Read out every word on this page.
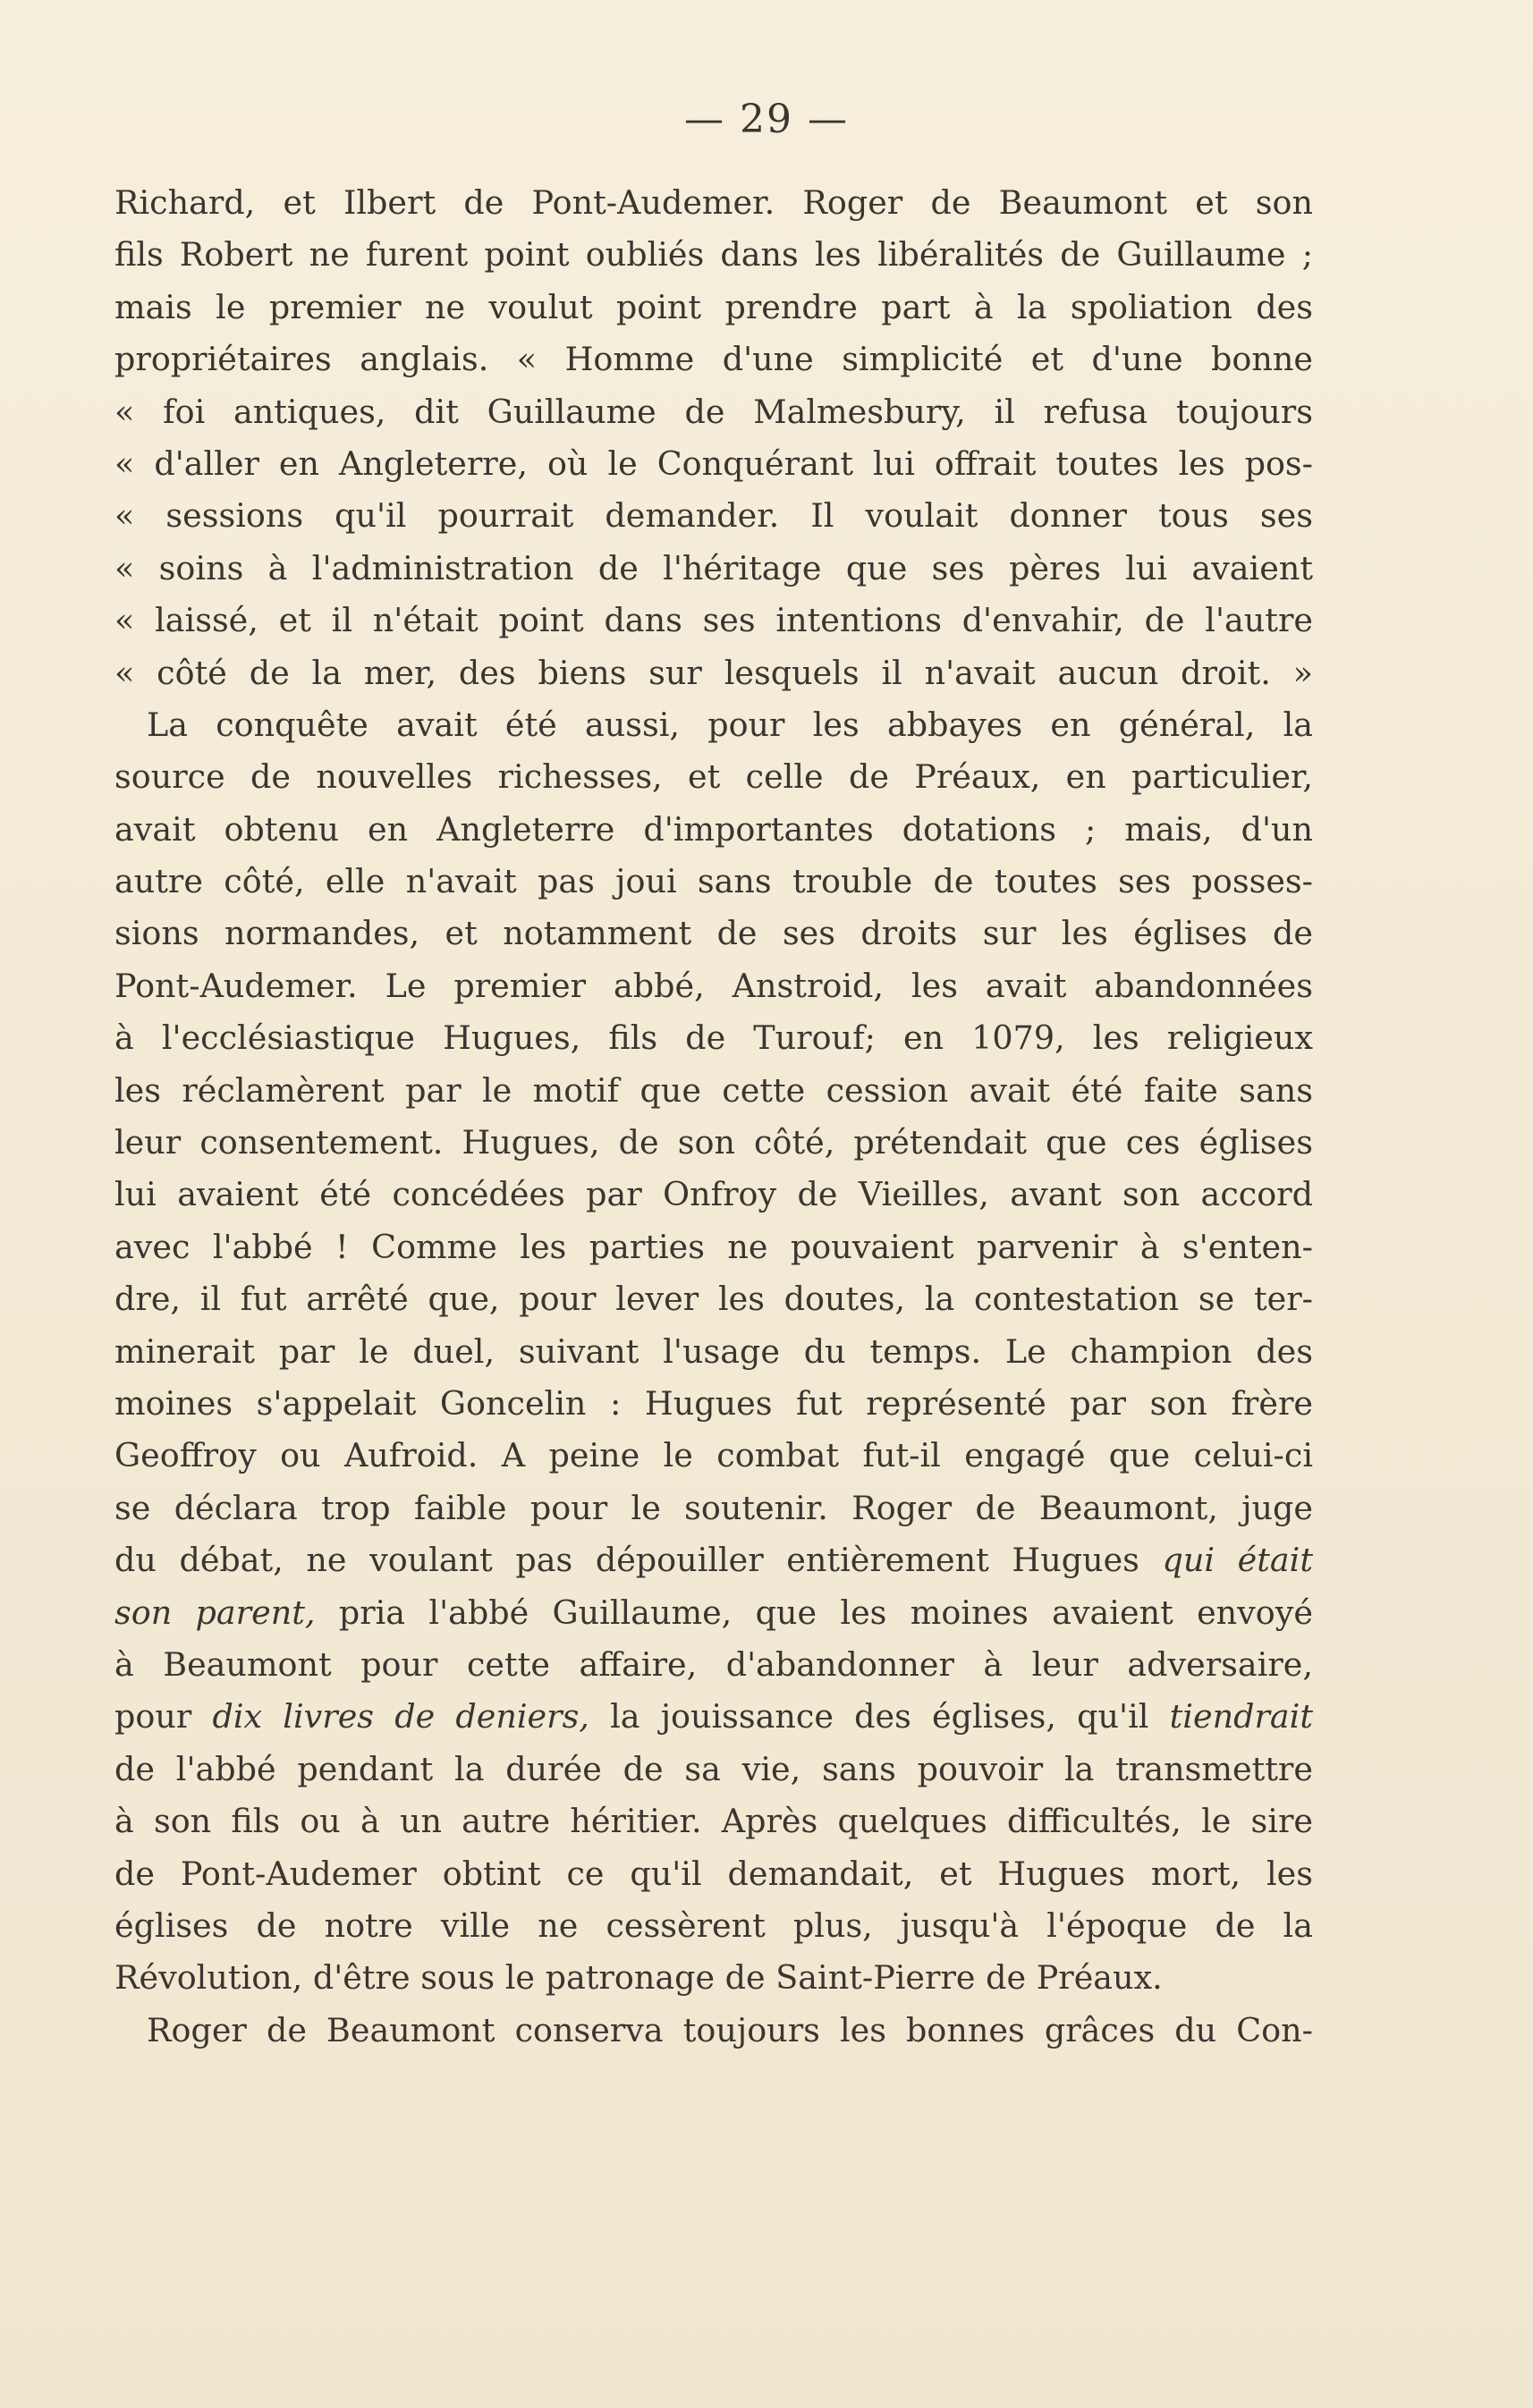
— 29 —
Richard, et Ilbert de Pont-Audemer. Roger de Beaumont et son
fils Robert ne furent point oubliés dans les libéralités de Guillaume ;
mais le premier ne voulut point prendre part à la spoliation des
propriétaires anglais. « Homme d'une simplicité et d'une bonne
« foi antiques, dit Guillaume de Malmesbury, il refusa toujours
« d'aller en Angleterre, où le Conquérant lui offrait toutes les pos-
« sessions qu'il pourrait demander. Il voulait donner tous ses
« soins à l'administration de l'héritage que ses pères lui avaient
« laissé, et il n'était point dans ses intentions d'envahir, de l'autre
« côté de la mer, des biens sur lesquels il n'avait aucun droit. »
La conquête avait été aussi, pour les abbayes en général, la
source de nouvelles richesses, et celle de Préaux, en particulier,
avait obtenu en Angleterre d'importantes dotations ; mais, d'un
autre côté, elle n'avait pas joui sans trouble de toutes ses posses-
sions normandes, et notamment de ses droits sur les églises de
Pont-Audemer. Le premier abbé, Anstroid, les avait abandonnées
à l'ecclésiastique Hugues, fils de Turouf; en 1079, les religieux
les réclamèrent par le motif que cette cession avait été faite sans
leur consentement. Hugues, de son côté, prétendait que ces églises
lui avaient été concédées par Onfroy de Vieilles, avant son accord
avec l'abbé ! Comme les parties ne pouvaient parvenir à s'enten-
dre, il fut arrêté que, pour lever les doutes, la contestation se ter-
minerait par le duel, suivant l'usage du temps. Le champion des
moines s'appelait Goncelin : Hugues fut représenté par son frère
Geoffroy ou Aufroid. A peine le combat fut-il engagé que celui-ci
se déclara trop faible pour le soutenir. Roger de Beaumont, juge
du débat, ne voulant pas dépouiller entièrement Hugues qui était
son parent, pria l'abbé Guillaume, que les moines avaient envoyé
à Beaumont pour cette affaire, d'abandonner à leur adversaire,
pour dix livres de deniers, la jouissance des églises, qu'il tiendrait
de l'abbé pendant la durée de sa vie, sans pouvoir la transmettre
à son fils ou à un autre héritier. Après quelques difficultés, le sire
de Pont-Audemer obtint ce qu'il demandait, et Hugues mort, les
églises de notre ville ne cessèrent plus, jusqu'à l'époque de la
Révolution, d'être sous le patronage de Saint-Pierre de Préaux.
Roger de Beaumont conserva toujours les bonnes grâces du Con-
